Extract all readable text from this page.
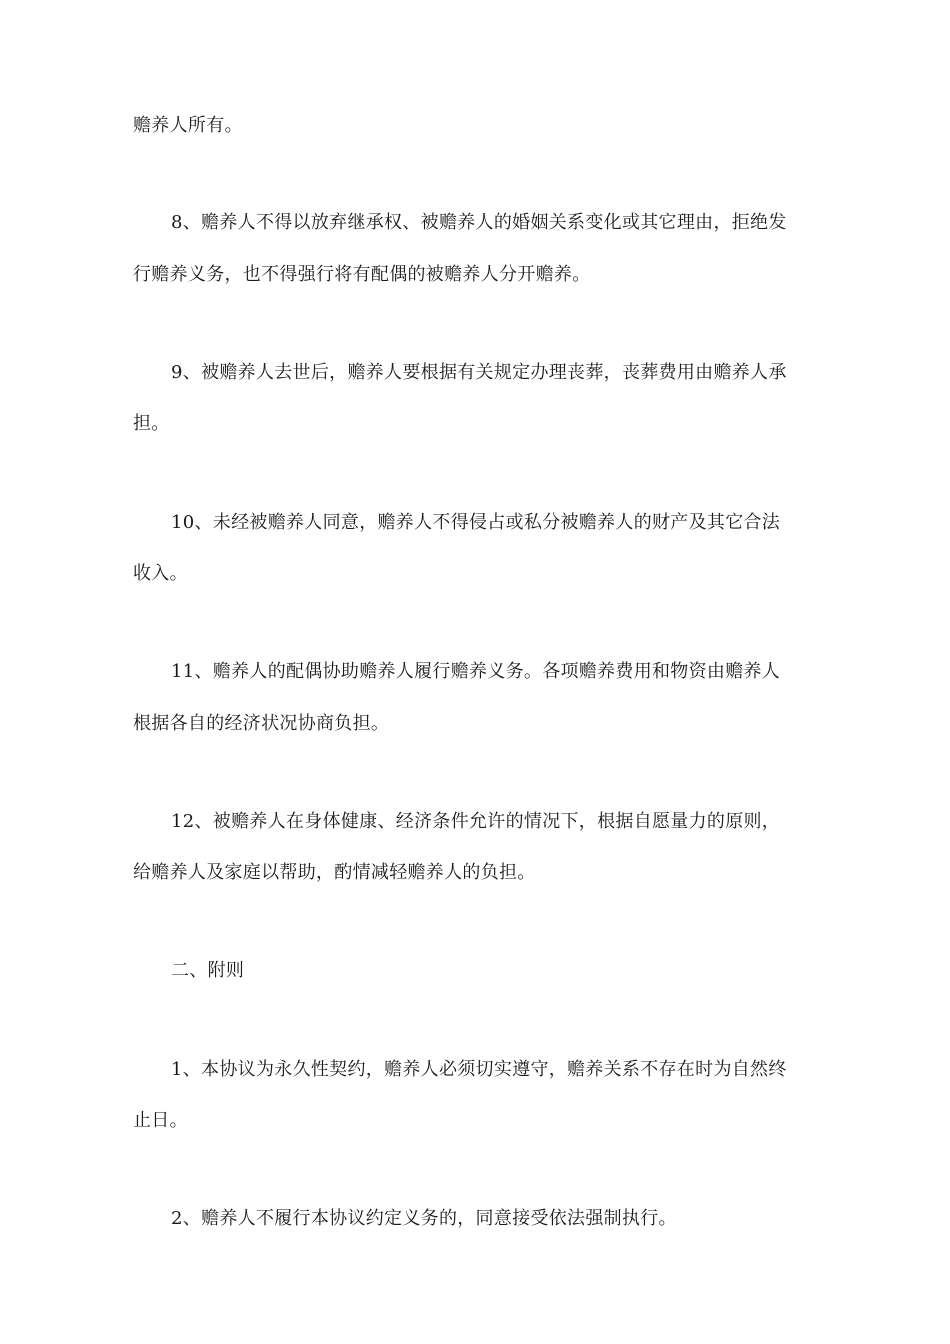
赡养人所有。
8、赡养人不得以放弃继承权、被赡养人的婚姻关系变化或其它理由，拒绝发
行赡养义务，也不得强行将有配偶的被赡养人分开赡养。
9、被赡养人去世后，赡养人要根据有关规定办理丧葬，丧葬费用由赡养人承
担。
10、未经被赡养人同意，赡养人不得侵占或私分被赡养人的财产及其它合法
收入。
11、赡养人的配偶协助赡养人履行赡养义务。各项赡养费用和物资由赡养人
根据各自的经济状况协商负担。
12、被赡养人在身体健康、经济条件允许的情况下，根据自愿量力的原则，
给赡养人及家庭以帮助，酌情减轻赡养人的负担。
二、附则
1、本协议为永久性契约，赡养人必须切实遵守，赡养关系不存在时为自然终
止日。
2、赡养人不履行本协议约定义务的，同意接受依法强制执行。
